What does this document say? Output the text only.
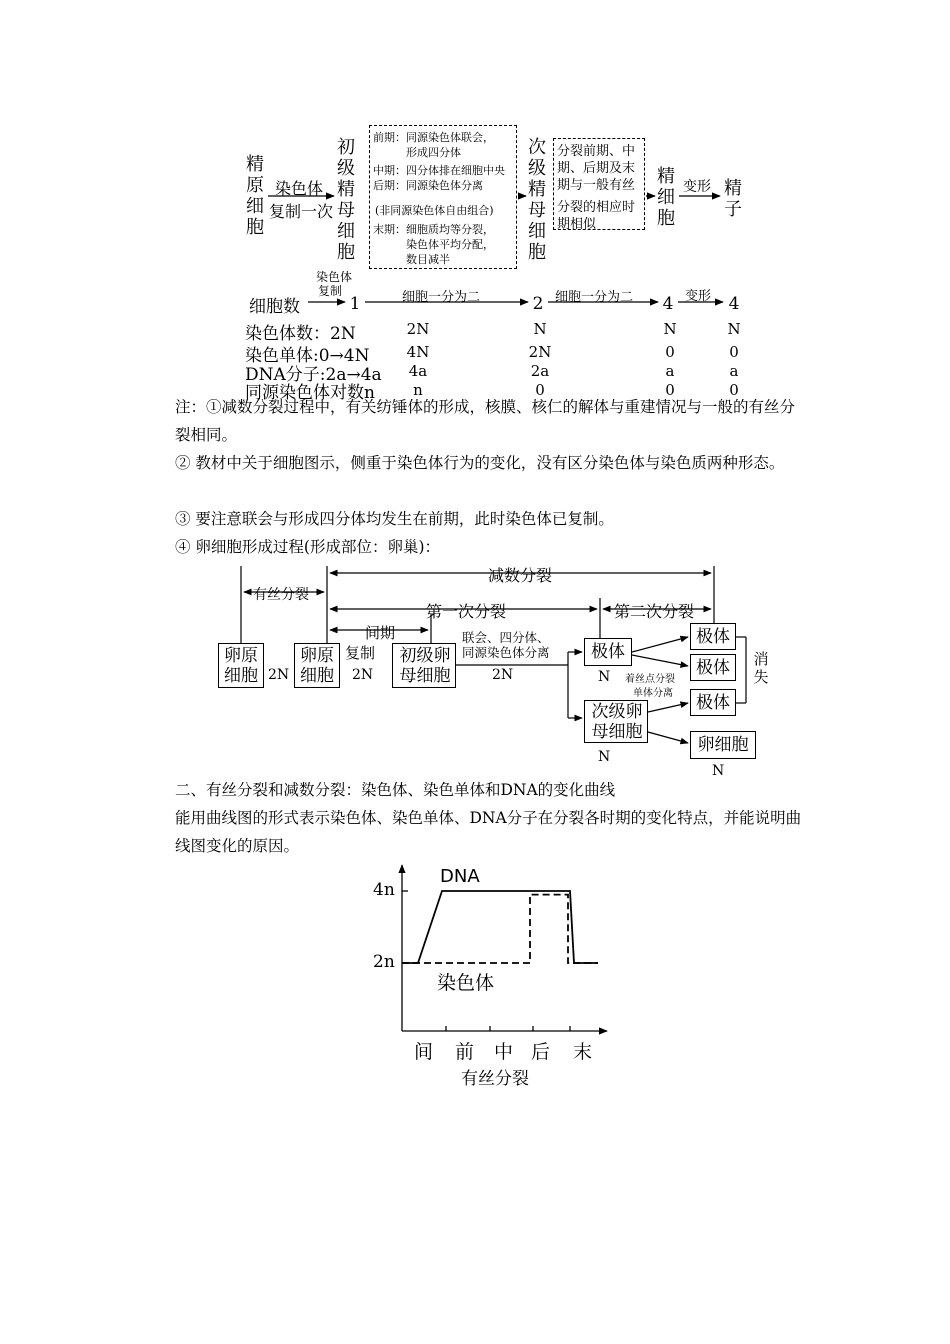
精原细胞
染色体
复制一次
初级精母细胞
前期：同源染色体联会，
形成四分体
中期：四分体排在细胞中央
后期：同源染色体分离
(非同源染色体自由组合)
末期：细胞质均等分裂，
染色体平均分配，
数目减半
次级精母细胞
分裂前期、中
期、后期及末
期与一般有丝
分裂的相应时
期相似
精细胞
变形 精子
细胞数
染色体
复制	细胞一分为二	细胞一分为二	变形
1	2	4	4
染色体数：2N	2N	N	N	N
染色单体:0→4N	4N	2N	0	0
DNA分子:2a→4a	4a	2a	a	a
同源染色体对数n	n	0	0	0
注：①减数分裂过程中，有关纺锤体的形成，核膜、核仁的解体与重建情况与一般的有丝分裂相同。
② 教材中关于细胞图示，侧重于染色体行为的变化，没有区分染色体与染色质两种形态。
③ 要注意联会与形成四分体均发生在前期，此时染色体已复制。
④ 卵细胞形成过程(形成部位：卵巢)：
有丝分裂
减数分裂
第一次分裂	第二次分裂
间期
卵原细胞 2N
卵原细胞
复制
2N
初级卵母细胞
联会、四分体、
同源染色体分离
2N
极体
N 着丝点分裂
单体分离
极体
极体
极体
消失
次级卵母细胞
N
卵细胞
N
二、有丝分裂和减数分裂：染色体、染色单体和DNA的变化曲线
能用曲线图的形式表示染色体、染色单体、DNA分子在分裂各时期的变化特点，并能说明曲线图变化的原因。
DNA
染色体
4n
2n
间 前 中 后 末
有丝分裂
